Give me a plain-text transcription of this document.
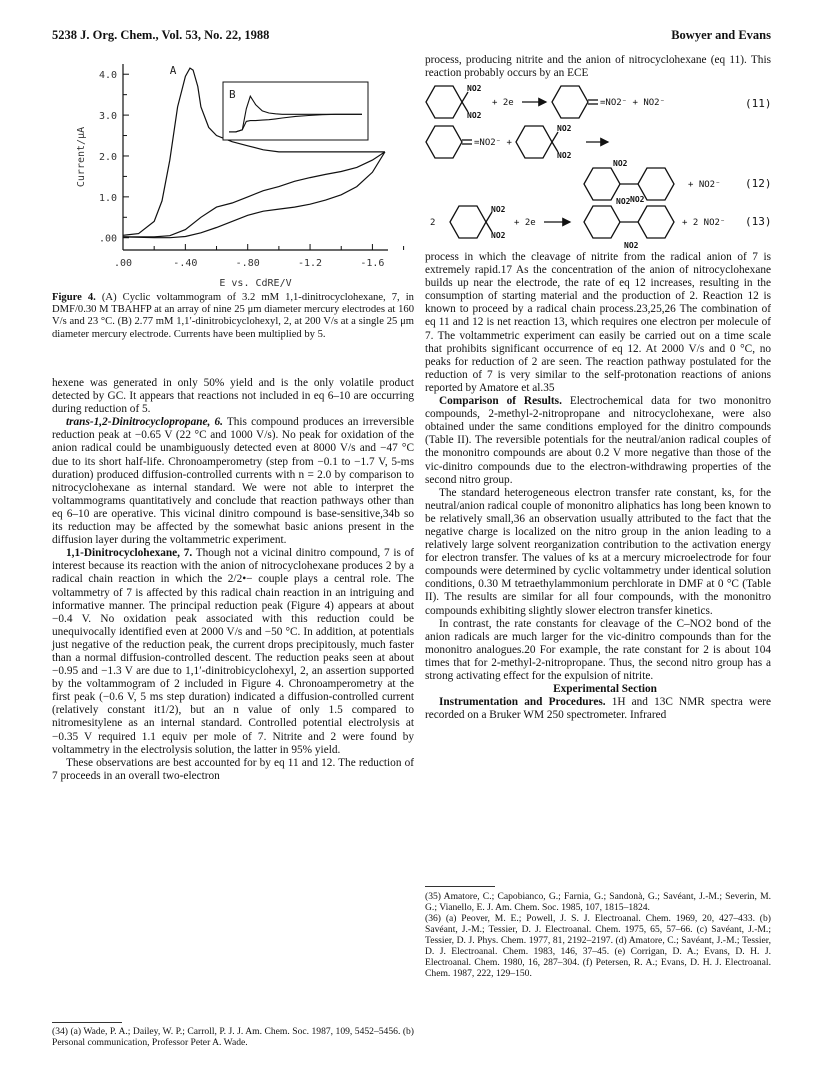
5238 J. Org. Chem., Vol. 53, No. 22, 1988	Bowyer and Evans
.00
1.0
2.0
3.0
4.0
.00	-.40	-.80	-1.2	-1.6
E vs. CdRE/V
Current/μA
A
B
Figure 4. (A) Cyclic voltammogram of 3.2 mM 1,1-dinitrocyclohexane, 7, in DMF/0.30 M TBAHFP at an array of nine 25 μm diameter mercury electrodes at 160 V/s and 23 °C. (B) 2.77 mM 1,1′-dinitrobicyclohexyl, 2, at 200 V/s at a single 25 μm diameter mercury electrode. Currents have been multiplied by 5.

hexene was generated in only 50% yield and is the only volatile product detected by GC. It appears that reactions not included in eq 6–10 are occurring during reduction of 5.

trans-1,2-Dinitrocyclopropane, 6. This compound produces an irreversible reduction peak at −0.65 V (22 °C and 1000 V/s). No peak for oxidation of the anion radical could be unambiguously detected even at 8000 V/s and −47 °C due to its short half-life. Chronoamperometry (step from −0.1 to −1.7 V, 5-ms duration) produced diffusion-controlled currents with n = 2.0 by comparison to nitrocyclohexane as internal standard. We were not able to interpret the voltammograms quantitatively and conclude that reaction pathways other than eq 6–10 are operative. This vicinal dinitro compound is base-sensitive,34b so its reduction may be affected by the somewhat basic anions present in the diffusion layer during the voltammetric experiment.

1,1-Dinitrocyclohexane, 7. Though not a vicinal dinitro compound, 7 is of interest because its reaction with the anion of nitrocyclohexane produces 2 by a radical chain reaction in which the 2/2•− couple plays a central role. The voltammetry of 7 is affected by this radical chain reaction in an intriguing and informative manner. The principal reduction peak (Figure 4) appears at about −0.4 V. No oxidation peak associated with this reduction could be unequivocally identified even at 2000 V/s and −50 °C. In addition, at potentials just negative of the reduction peak, the current drops precipitously, much faster than a normal diffusion-controlled descent. The reduction peaks seen at about −0.95 and −1.3 V are due to 1,1′-dinitrobicyclohexyl, 2, an assertion supported by the voltammogram of 2 included in Figure 4. Chronoamperometry at the first peak (−0.6 V, 5 ms step duration) indicated a diffusion-controlled current (relatively constant it1/2), but an n value of only 1.5 compared to nitromesitylene as an internal standard. Controlled potential electrolysis at −0.35 V required 1.1 equiv per mole of 7. Nitrite and 2 were found by voltammetry in the electrolysis solution, the latter in 95% yield.

These observations are best accounted for by eq 11 and 12. The reduction of 7 proceeds in an overall two-electron

(34) (a) Wade, P. A.; Dailey, W. P.; Carroll, P. J. J. Am. Chem. Soc. 1987, 109, 5452–5456. (b) Personal communication, Professor Peter A. Wade.

process, producing nitrite and the anion of nitrocyclohexane (eq 11). This reaction probably occurs by an ECE

NO2
NO2
NO2
NO2
NO2
NO2
NO2
NO2
NO2
NO2
+ 2e	=NO2⁻ + NO2⁻
=NO2⁻ +
+ NO2⁻
2	+ 2e	+ 2 NO2⁻
(11)
(12)
(13)

process in which the cleavage of nitrite from the radical anion of 7 is extremely rapid.17 As the concentration of the anion of nitrocyclohexane builds up near the electrode, the rate of eq 12 increases, resulting in the consumption of starting material and the production of 2. Reaction 12 is known to proceed by a radical chain process.23,25,26 The combination of eq 11 and 12 is net reaction 13, which requires one electron per molecule of 7. The voltammetric experiment can easily be carried out on a time scale that prohibits significant occurrence of eq 12. At 2000 V/s and 0 °C, no peaks for reduction of 2 are seen. The reaction pathway postulated for the reduction of 7 is very similar to the self-protonation reactions of anions reported by Amatore et al.35

Comparison of Results. Electrochemical data for two mononitro compounds, 2-methyl-2-nitropropane and nitrocyclohexane, were also obtained under the same conditions employed for the dinitro compounds (Table II). The reversible potentials for the neutral/anion radical couples of the mononitro compounds are about 0.2 V more negative than those of the vic-dinitro compounds due to the electron-withdrawing properties of the second nitro group.

The standard heterogeneous electron transfer rate constant, ks, for the neutral/anion radical couple of mononitro aliphatics has long been known to be relatively small,36 an observation usually attributed to the fact that the negative charge is localized on the nitro group in the anion leading to a relatively large solvent reorganization contribution to the activation energy for electron transfer. The values of ks at a mercury microelectrode for four compounds were determined by cyclic voltammetry under identical solution conditions, 0.30 M tetraethylammonium perchlorate in DMF at 0 °C (Table II). The results are similar for all four compounds, with the mononitro compounds exhibiting slightly slower electron transfer kinetics.

In contrast, the rate constants for cleavage of the C–NO2 bond of the anion radicals are much larger for the vic-dinitro compounds than for the mononitro analogues.20 For example, the rate constant for 2 is about 104 times that for 2-methyl-2-nitropropane. Thus, the second nitro group has a strong activating effect for the expulsion of nitrite.

Experimental Section

Instrumentation and Procedures. 1H and 13C NMR spectra were recorded on a Bruker WM 250 spectrometer. Infrared

(35) Amatore, C.; Capobianco, G.; Farnia, G.; Sandonà, G.; Savéant, J.-M.; Severin, M. G.; Vianello, E. J. Am. Chem. Soc. 1985, 107, 1815–1824.
(36) (a) Peover, M. E.; Powell, J. S. J. Electroanal. Chem. 1969, 20, 427–433. (b) Savéant, J.-M.; Tessier, D. J. Electroanal. Chem. 1975, 65, 57–66. (c) Savéant, J.-M.; Tessier, D. J. Phys. Chem. 1977, 81, 2192–2197. (d) Amatore, C.; Savéant, J.-M.; Tessier, D. J. Electroanal. Chem. 1983, 146, 37–45. (e) Corrigan, D. A.; Evans, D. H. J. Electroanal. Chem. 1980, 16, 287–304. (f) Petersen, R. A.; Evans, D. H. J. Electroanal. Chem. 1987, 222, 129–150.
